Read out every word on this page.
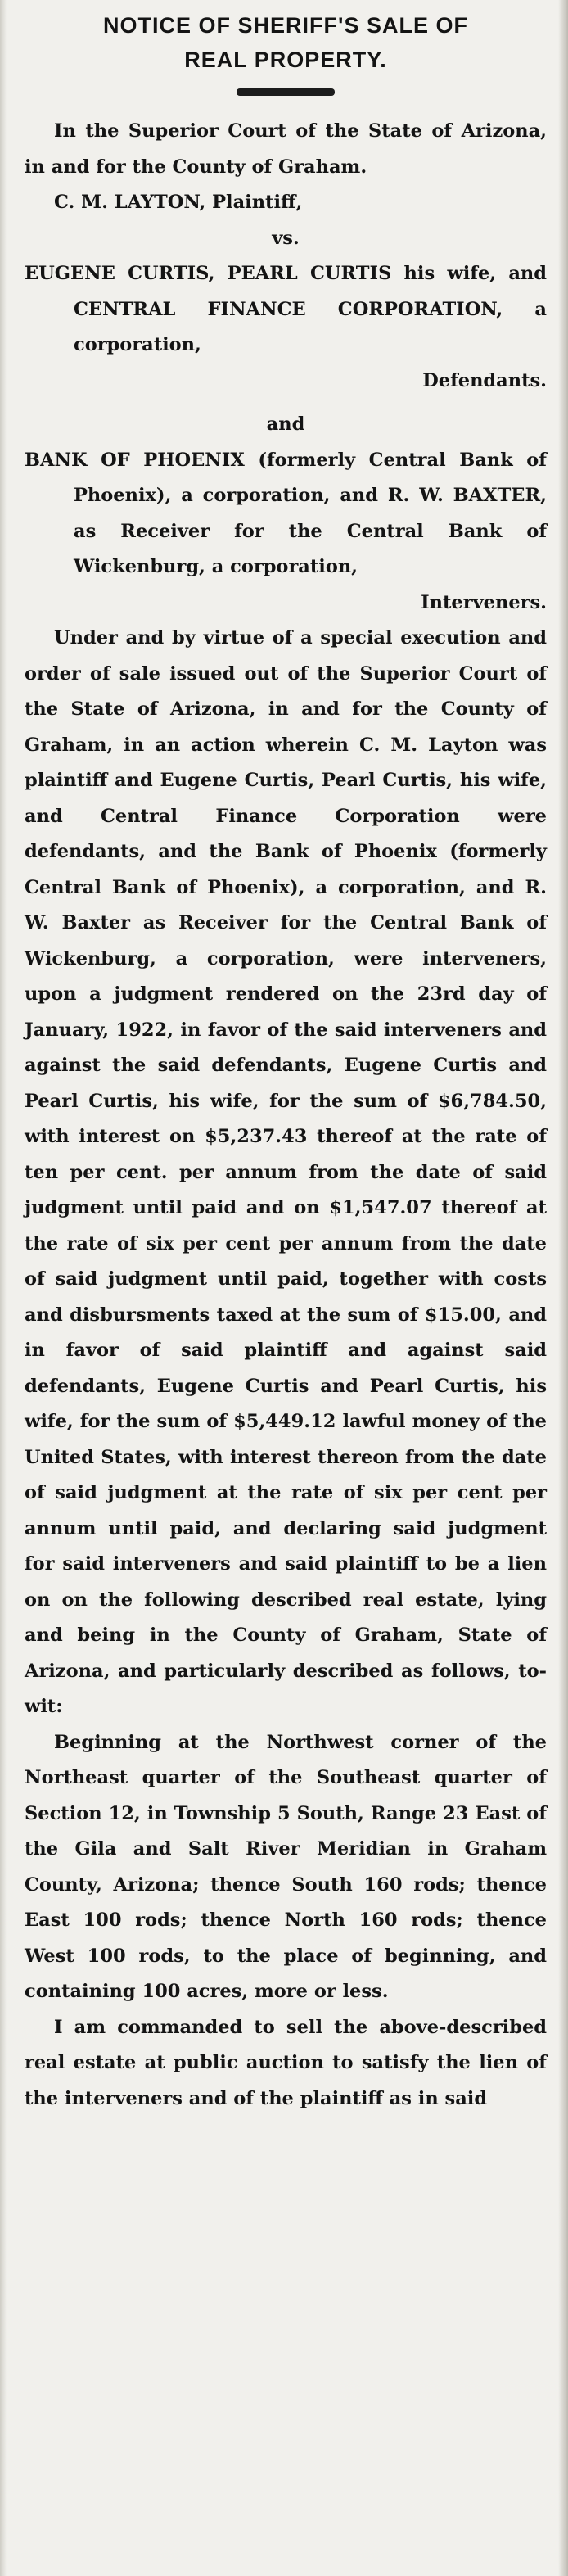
NOTICE OF SHERIFF'S SALE OF

REAL PROPERTY.

In the Superior Court of the State of Arizona, in and for the County of Graham.

C. M. LAYTON, Plaintiff,

vs.

EUGENE CURTIS, PEARL CURTIS his wife, and CENTRAL FINANCE CORPORATION, a corporation,

Defendants.

and

BANK OF PHOENIX (formerly Central Bank of Phoenix), a corporation, and R. W. BAXTER, as Receiver for the Central Bank of Wickenburg, a corporation,

Interveners.

Under and by virtue of a special execution and order of sale issued out of the Superior Court of the State of Arizona, in and for the County of Graham, in an action wherein C. M. Layton was plaintiff and Eugene Curtis, Pearl Curtis, his wife, and Central Finance Corporation were defendants, and the Bank of Phoenix (formerly Central Bank of Phoenix), a corporation, and R. W. Baxter as Receiver for the Central Bank of Wickenburg, a corporation, were interveners, upon a judgment rendered on the 23rd day of January, 1922, in favor of the said interveners and against the said defendants, Eugene Curtis and Pearl Curtis, his wife, for the sum of $6,784.50, with interest on $5,237.43 thereof at the rate of ten per cent. per annum from the date of said judgment until paid and on $1,547.07 thereof at the rate of six per cent per annum from the date of said judgment until paid, together with costs and disbursments taxed at the sum of $15.00, and in favor of said plaintiff and against said defendants, Eugene Curtis and Pearl Curtis, his wife, for the sum of $5,449.12 lawful money of the United States, with interest thereon from the date of said judgment at the rate of six per cent per annum until paid, and declaring said judgment for said interveners and said plaintiff to be a lien on on the following described real estate, lying and being in the County of Graham, State of Arizona, and particularly described as follows, to-wit:

Beginning at the Northwest corner of the Northeast quarter of the Southeast quarter of Section 12, in Township 5 South, Range 23 East of the Gila and Salt River Meridian in Graham County, Arizona; thence South 160 rods; thence East 100 rods; thence North 160 rods; thence West 100 rods, to the place of beginning, and containing 100 acres, more or less.

I am commanded to sell the above-described real estate at public auction to satisfy the lien of the interveners and of the plaintiff as in said
